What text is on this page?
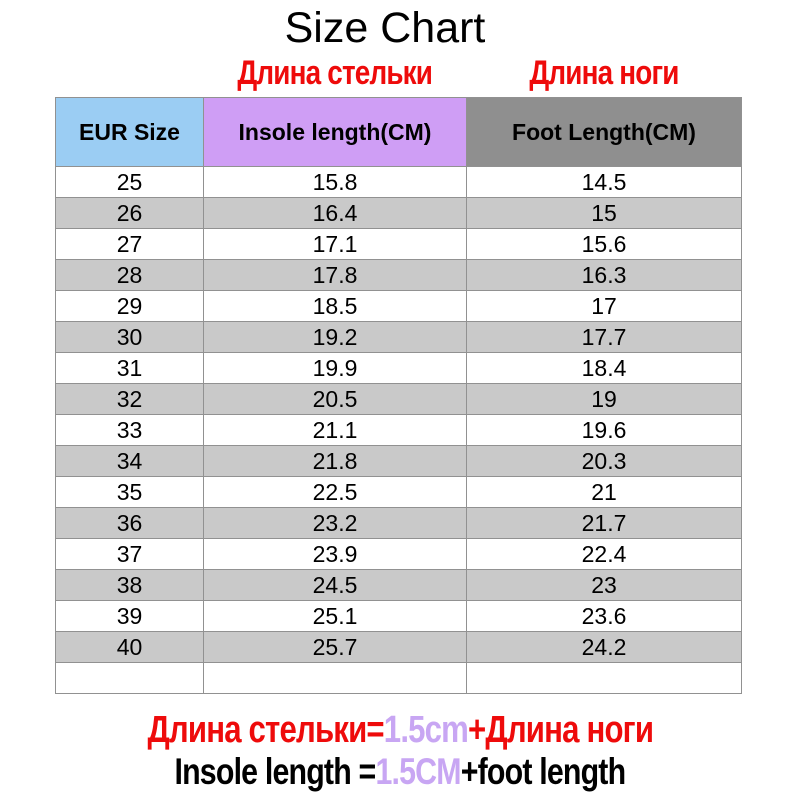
Size Chart
Длина стельки	Длина ноги
EUR Size	Insole length(CM)	Foot Length(CM)
25	15.8	14.5
26	16.4	15
27	17.1	15.6
28	17.8	16.3
29	18.5	17
30	19.2	17.7
31	19.9	18.4
32	20.5	19
33	21.1	19.6
34	21.8	20.3
35	22.5	21
36	23.2	21.7
37	23.9	22.4
38	24.5	23
39	25.1	23.6
40	25.7	24.2

Длина стельки=1.5cm+Длина ноги
Insole length =1.5CM+foot length
